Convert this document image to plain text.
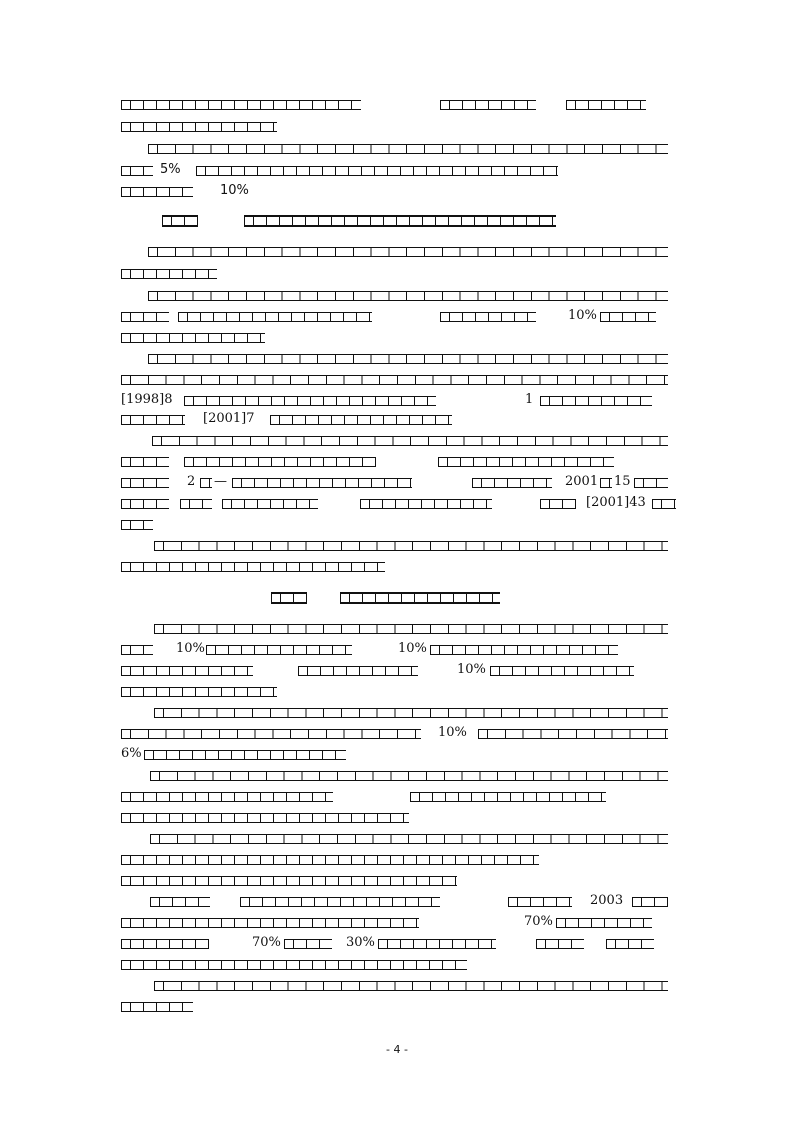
5%
10%
10%
[1998]8	1
[2001]7
2 —	2001 15
[2001]43
10%	10%
10%
10%
6%
2003
70%
70%	30%
- 4 -
